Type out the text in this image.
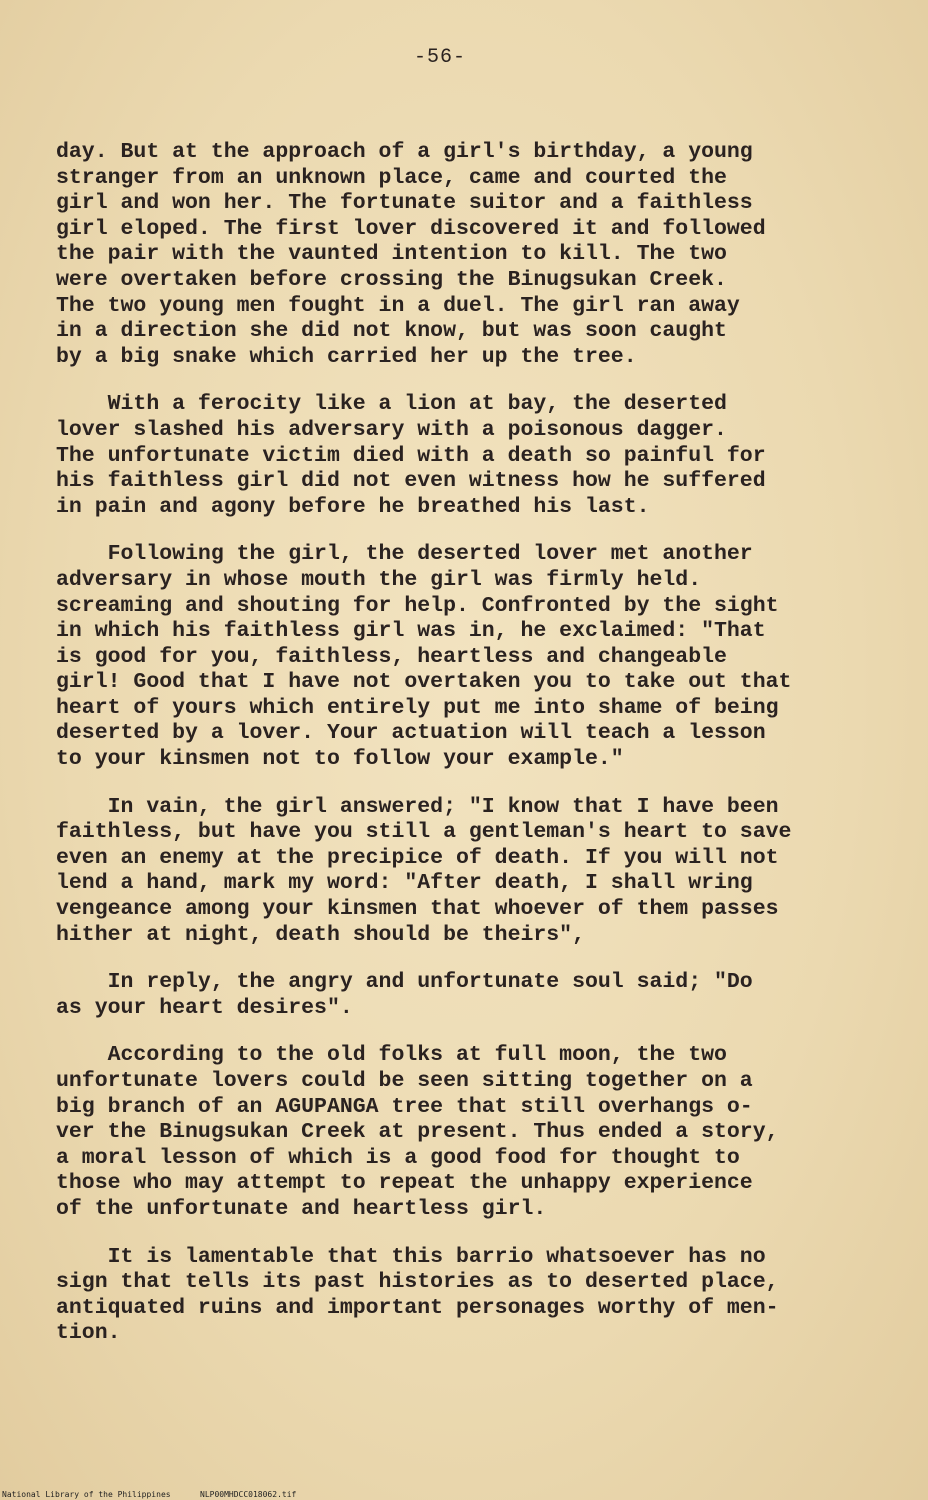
-56-
day. But at the approach of a girl's birthday, a young
stranger from an unknown place, came and courted the
girl and won her. The fortunate suitor and a faithless
girl eloped. The first lover discovered it and followed
the pair with the vaunted intention to kill. The two
were overtaken before crossing the Binugsukan Creek.
The two young men fought in a duel. The girl ran away
in a direction she did not know, but was soon caught
by a big snake which carried her up the tree.
With a ferocity like a lion at bay, the deserted
lover slashed his adversary with a poisonous dagger.
The unfortunate victim died with a death so painful for
his faithless girl did not even witness how he suffered
in pain and agony before he breathed his last.
Following the girl, the deserted lover met another
adversary in whose mouth the girl was firmly held.
screaming and shouting for help. Confronted by the sight
in which his faithless girl was in, he exclaimed: "That
is good for you, faithless, heartless and changeable
girl! Good that I have not overtaken you to take out that
heart of yours which entirely put me into shame of being
deserted by a lover. Your actuation will teach a lesson
to your kinsmen not to follow your example."
In vain, the girl answered; "I know that I have been
faithless, but have you still a gentleman's heart to save
even an enemy at the precipice of death. If you will not
lend a hand, mark my word: "After death, I shall wring
vengeance among your kinsmen that whoever of them passes
hither at night, death should be theirs",
In reply, the angry and unfortunate soul said; "Do
as your heart desires".
According to the old folks at full moon, the two
unfortunate lovers could be seen sitting together on a
big branch of an AGUPANGA tree that still overhangs o-
ver the Binugsukan Creek at present. Thus ended a story,
a moral lesson of which is a good food for thought to
those who may attempt to repeat the unhappy experience
of the unfortunate and heartless girl.
It is lamentable that this barrio whatsoever has no
sign that tells its past histories as to deserted place,
antiquated ruins and important personages worthy of men-
tion.

National Library of the Philippines

	NLP00MHDCC018062.tif
